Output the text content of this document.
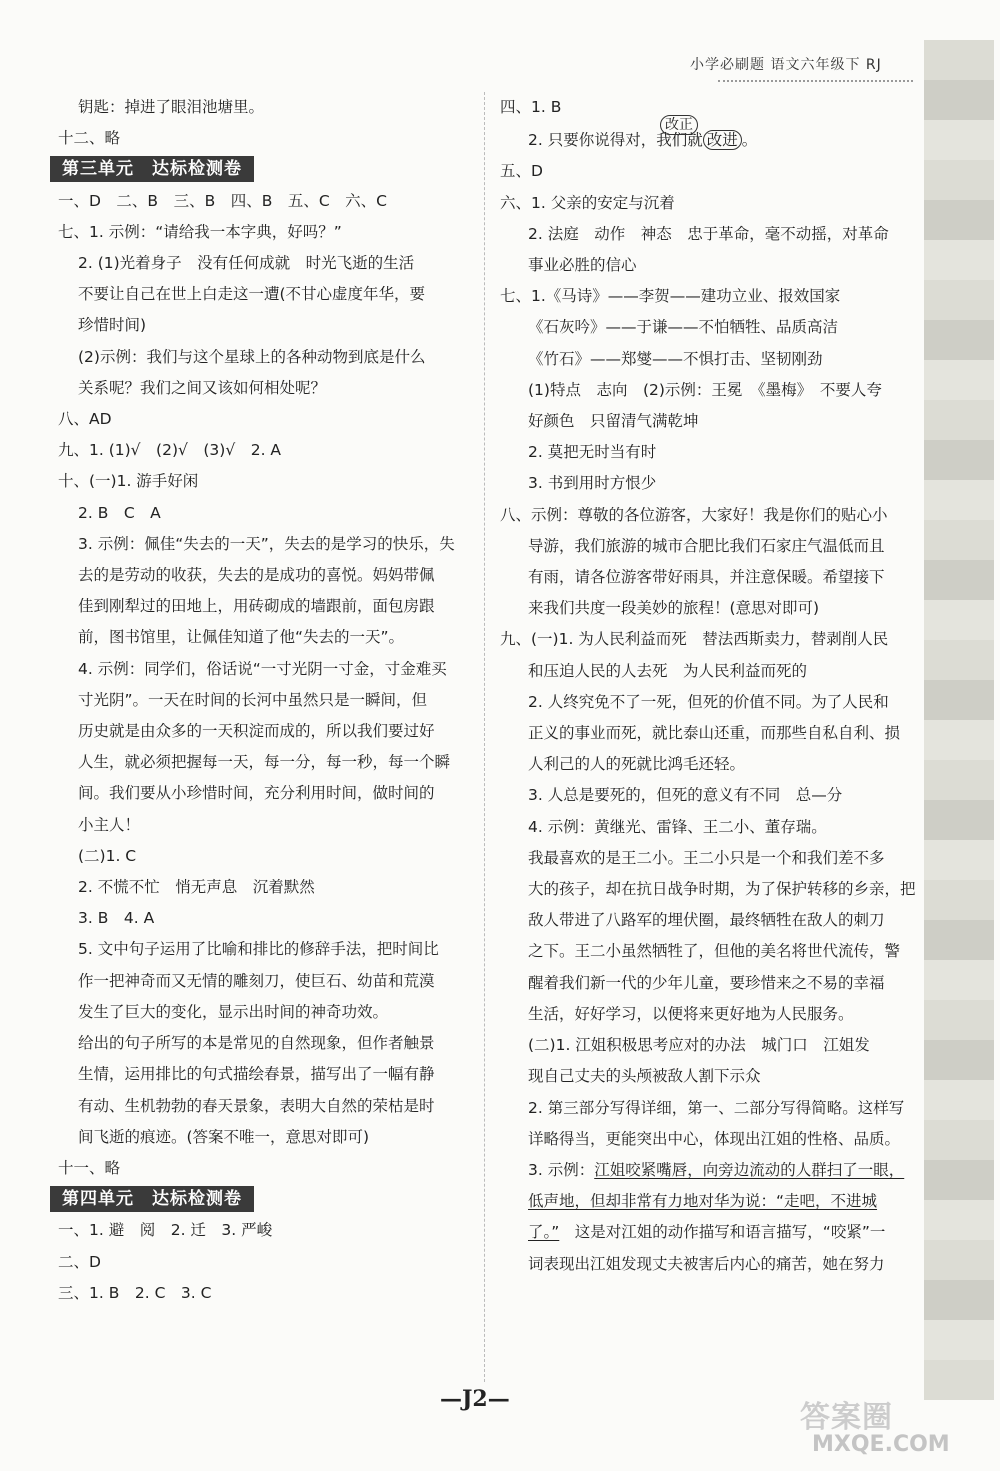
小学必刷题 语文六年级下 RJ
钥匙：掉进了眼泪池塘里。
十二、略
第三单元　达标检测卷
一、D　二、B　三、B　四、B　五、C　六、C
七、1. 示例：“请给我一本字典，好吗？”
2. (1)光着身子　没有任何成就　时光飞逝的生活
不要让自己在世上白走这一遭(不甘心虚度年华，要
珍惜时间)
(2)示例：我们与这个星球上的各种动物到底是什么
关系呢？我们之间又该如何相处呢？
八、AD
九、1. (1)√　(2)√　(3)√　2. A
十、(一)1. 游手好闲
2. B　C　A
3. 示例：佩佳“失去的一天”，失去的是学习的快乐，失
去的是劳动的收获，失去的是成功的喜悦。妈妈带佩
佳到刚犁过的田地上，用砖砌成的墙跟前，面包房跟
前，图书馆里，让佩佳知道了他“失去的一天”。
4. 示例：同学们，俗话说“一寸光阴一寸金，寸金难买
寸光阴”。一天在时间的长河中虽然只是一瞬间，但
历史就是由众多的一天积淀而成的，所以我们要过好
人生，就必须把握每一天，每一分，每一秒，每一个瞬
间。我们要从小珍惜时间，充分利用时间，做时间的
小主人！
(二)1. C
2. 不慌不忙　悄无声息　沉着默然
3. B　4. A
5. 文中句子运用了比喻和排比的修辞手法，把时间比
作一把神奇而又无情的雕刻刀，使巨石、幼苗和荒漠
发生了巨大的变化，显示出时间的神奇功效。
给出的句子所写的本是常见的自然现象，但作者触景
生情，运用排比的句式描绘春景，描写出了一幅有静
有动、生机勃勃的春天景象，表明大自然的荣枯是时
间飞逝的痕迹。(答案不唯一，意思对即可)
十一、略
第四单元　达标检测卷
一、1. 避　阅　2. 迁　3. 严峻
二、D
三、1. B　2. C　3. C
四、1. B
改正
2. 只要你说得对，我们就 改进 。
五、D
六、1. 父亲的安定与沉着
2. 法庭　动作　神态　忠于革命，毫不动摇，对革命
事业必胜的信心
七、1.《马诗》——李贺——建功立业、报效国家
《石灰吟》——于谦——不怕牺牲、品质高洁
《竹石》——郑燮——不惧打击、坚韧刚劲
(1)特点　志向　(2)示例：王冕　《墨梅》　不要人夸
好颜色　只留清气满乾坤
2. 莫把无时当有时
3. 书到用时方恨少
八、示例：尊敬的各位游客，大家好！我是你们的贴心小
导游，我们旅游的城市合肥比我们石家庄气温低而且
有雨，请各位游客带好雨具，并注意保暖。希望接下
来我们共度一段美妙的旅程！(意思对即可)
九、(一)1. 为人民利益而死　替法西斯卖力，替剥削人民
和压迫人民的人去死　为人民利益而死的
2. 人终究免不了一死，但死的价值不同。为了人民和
正义的事业而死，就比泰山还重，而那些自私自利、损
人利己的人的死就比鸿毛还轻。
3. 人总是要死的，但死的意义有不同　总—分
4. 示例：黄继光、雷锋、王二小、董存瑞。
我最喜欢的是王二小。王二小只是一个和我们差不多
大的孩子，却在抗日战争时期，为了保护转移的乡亲，把
敌人带进了八路军的埋伏圈，最终牺牲在敌人的刺刀
之下。王二小虽然牺牲了，但他的美名将世代流传，警
醒着我们新一代的少年儿童，要珍惜来之不易的幸福
生活，好好学习，以便将来更好地为人民服务。
(二)1. 江姐积极思考应对的办法　城门口　江姐发
现自己丈夫的头颅被敌人割下示众
2. 第三部分写得详细，第一、二部分写得简略。这样写
详略得当，更能突出中心，体现出江姐的性格、品质。
3. 示例：江姐咬紧嘴唇，向旁边流动的人群扫了一眼，
低声地，但却非常有力地对华为说：“走吧，不进城
了。”　这是对江姐的动作描写和语言描写，“咬紧”一
词表现出江姐发现丈夫被害后内心的痛苦，她在努力
—J2—
答案圈
MXQE.COM
